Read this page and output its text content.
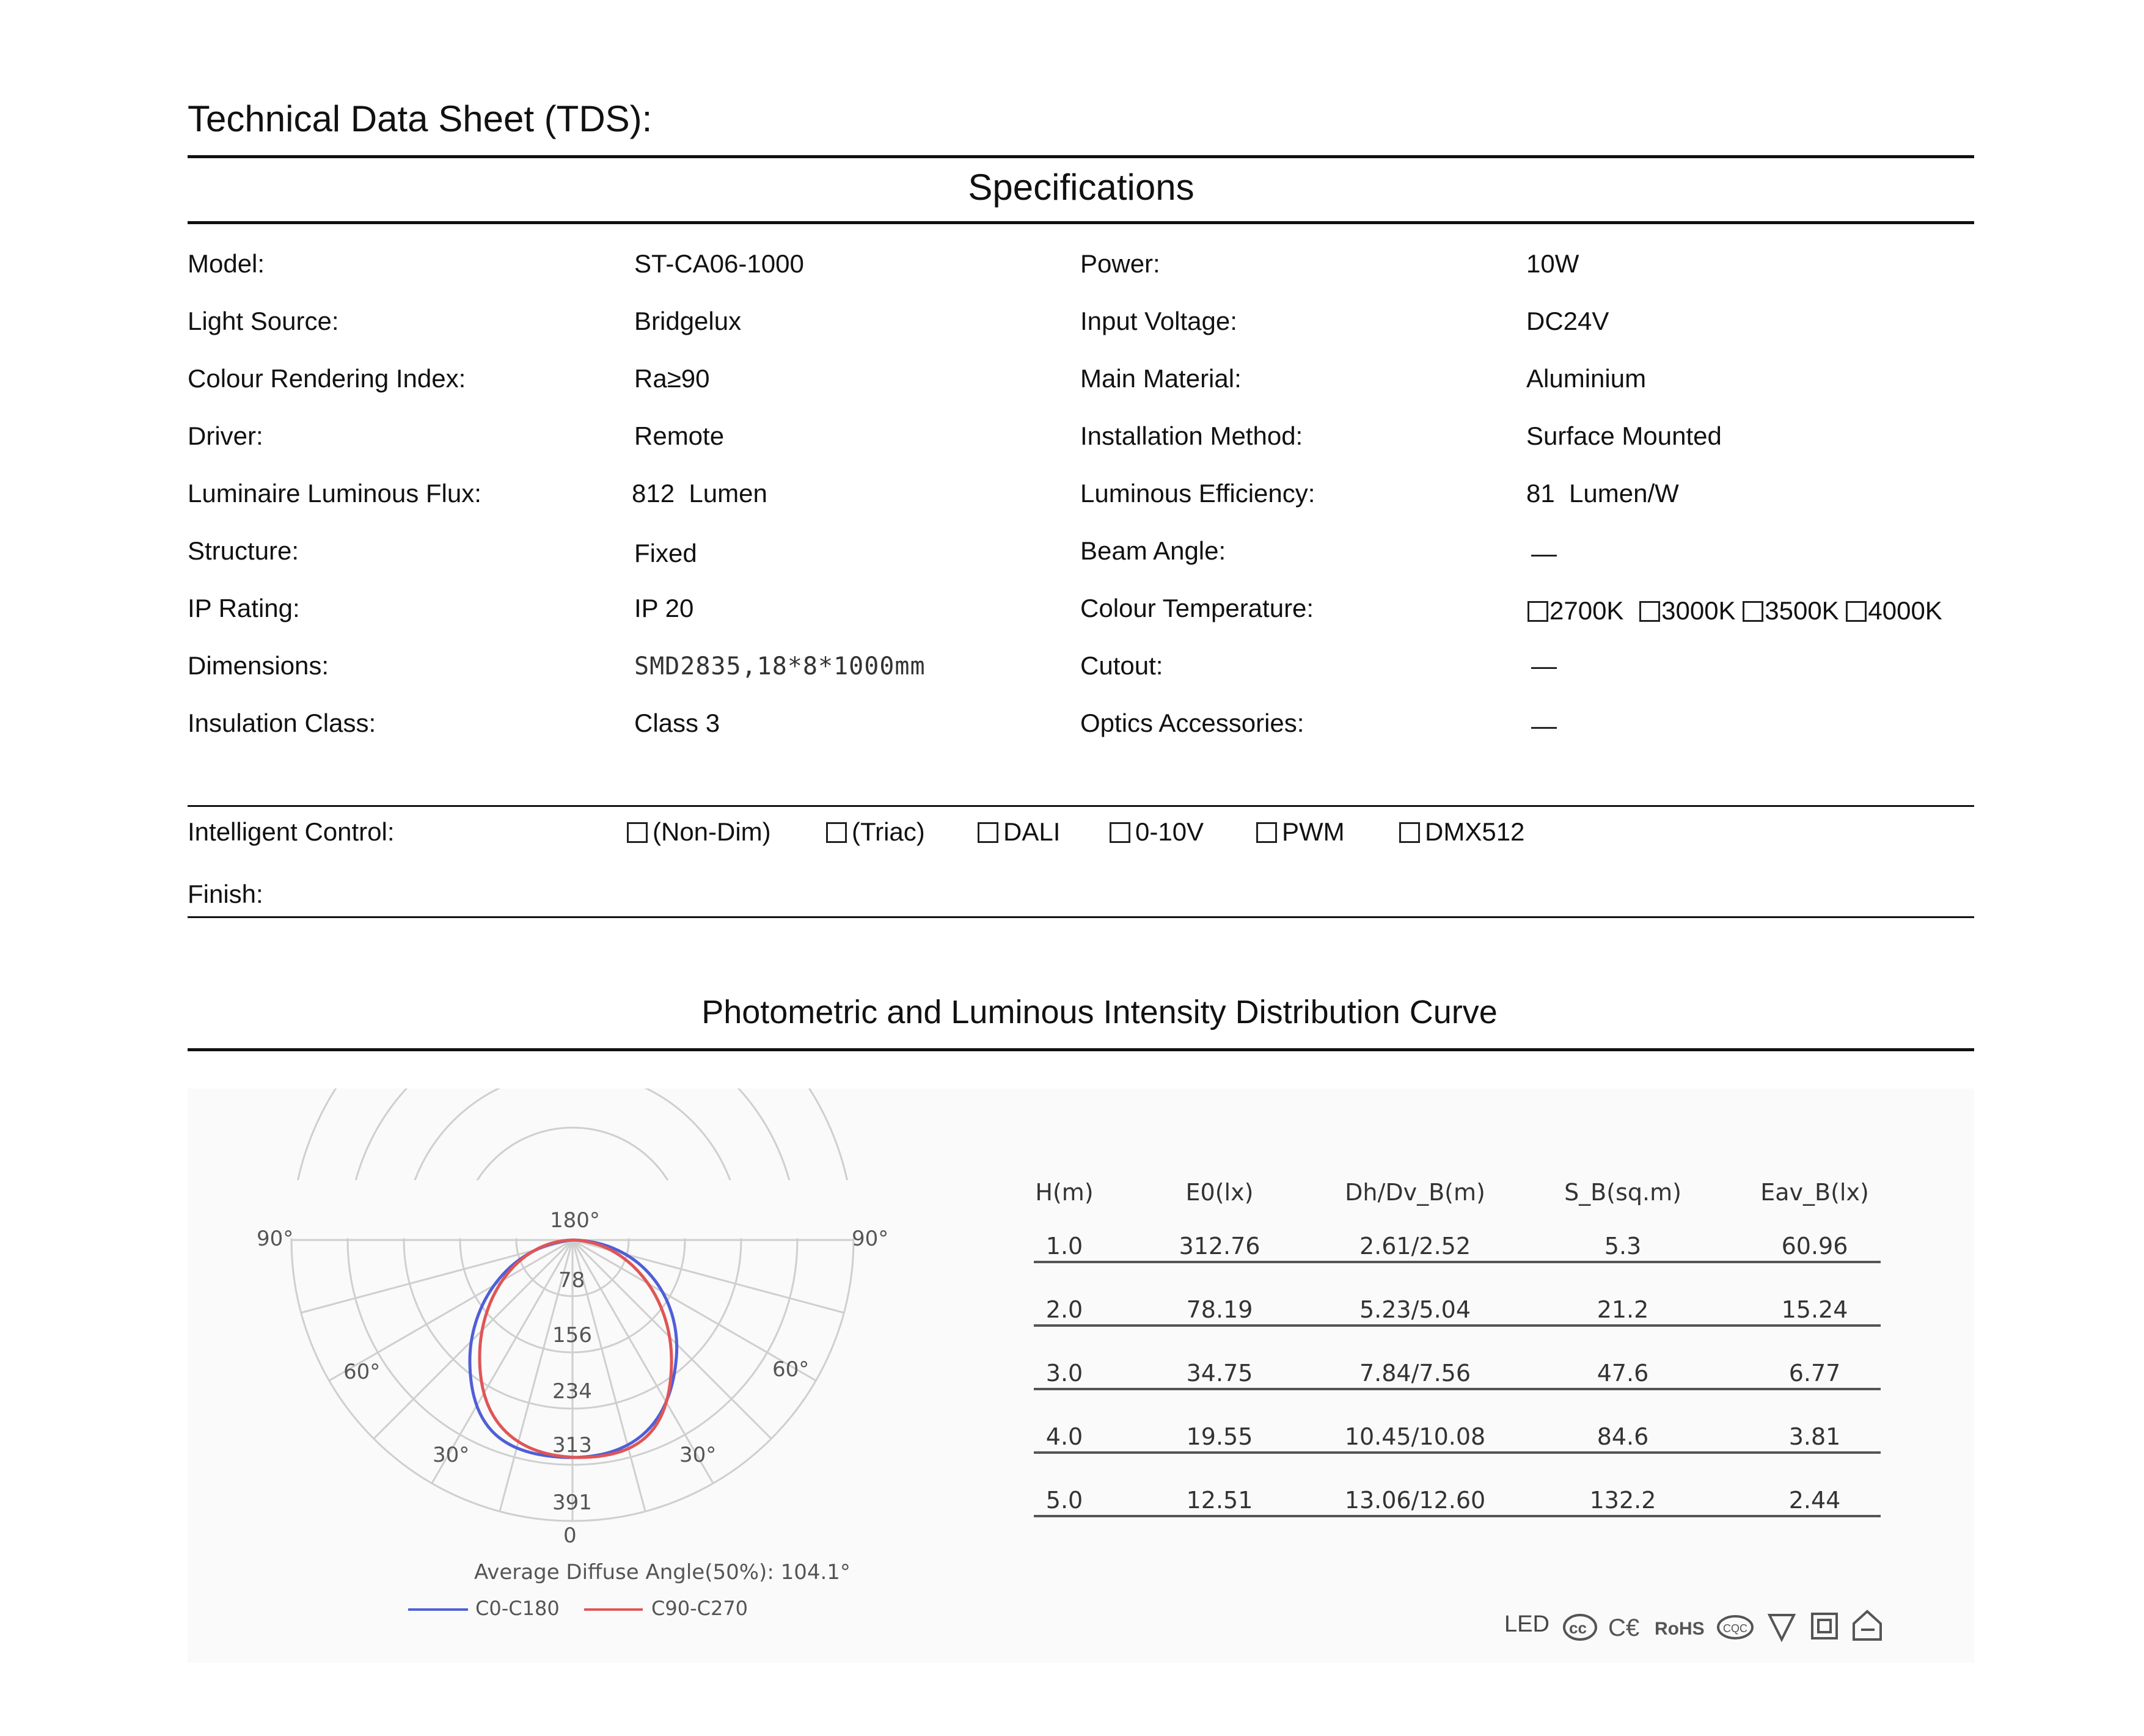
Technical Data Sheet (TDS):
Specifications
Model:	ST-CA06-1000
Light Source:	Bridgelux
Colour Rendering Index:	Ra≥90
Driver:	Remote
Luminaire Luminous Flux:	812  Lumen
Structure:	Fixed
IP Rating:	IP 20
Dimensions:	SMD2835,18*8*1000mm
Insulation Class:	Class 3
Power:	10W
Input Voltage:	DC24V
Main Material:	Aluminium
Installation Method:	Surface Mounted
Luminous Efficiency:	81  Lumen/W
Beam Angle:	—
Colour Temperature:	2700K 3000K 3500K 4000K
Cutout:	—
Optics Accessories:	—
Intelligent Control:	(Non-Dim)	(Triac)	DALI	0-10V	PWM	DMX512
Finish:
Photometric and Luminous Intensity Distribution Curve
90°	90°
60°	60°
30°	30°
180°
0
78
156
234
313
391
Average Diffuse Angle(50%): 104.1°
C0-C180	C90-C270
H(m)	E0(lx)	Dh/Dv_B(m)	S_B(sq.m)	Eav_B(lx)
1.0	312.76	2.61/2.52	5.3	60.96
2.0	78.19	5.23/5.04	21.2	15.24
3.0	34.75	7.84/7.56	47.6	6.77
4.0	19.55	10.45/10.08	84.6	3.81
5.0	12.51	13.06/12.60	132.2	2.44
LED cc C€ RoHS CQC
